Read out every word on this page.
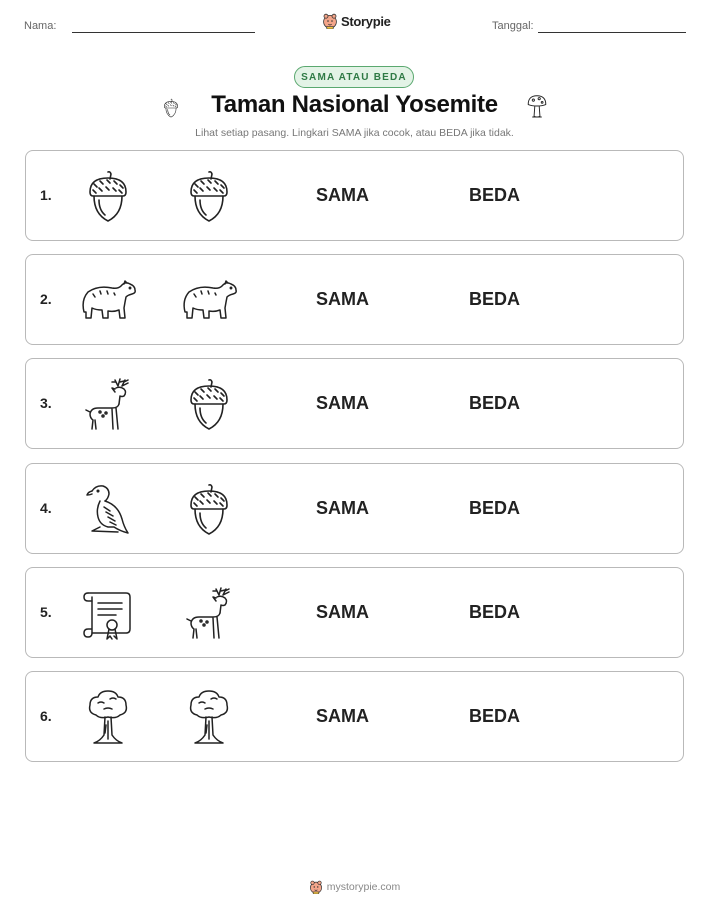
Nama:	Storypie	Tanggal:
SAMA ATAU BEDA
Taman Nasional Yosemite
Lihat setiap pasang. Lingkari SAMA jika cocok, atau BEDA jika tidak.
1.	SAMA	BEDA
2.	SAMA	BEDA
3.	SAMA	BEDA
4.	SAMA	BEDA
5.	SAMA	BEDA
6.	SAMA	BEDA
mystorypie.com
